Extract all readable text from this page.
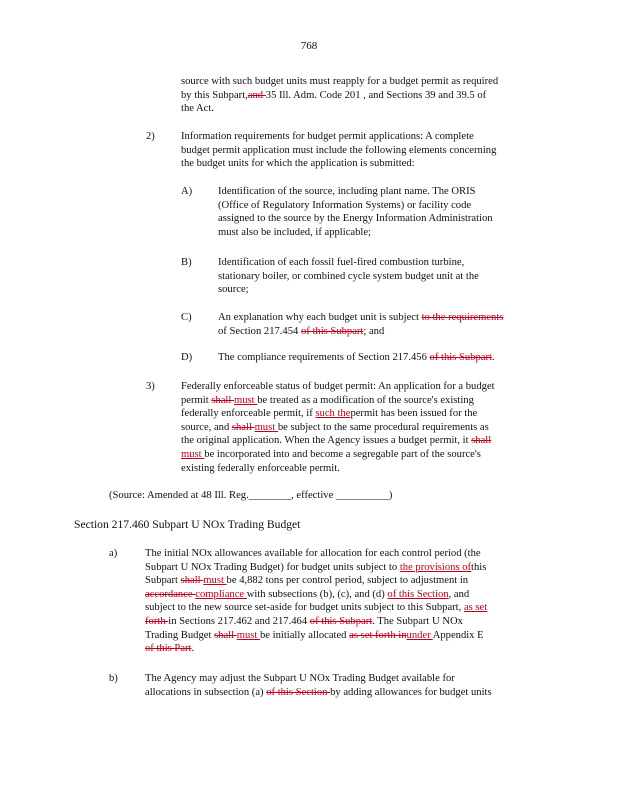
768
source with such budget units must reapply for a budget permit as required
by this Subpart,and 35 Ill. Adm. Code 201 , and Sections 39 and 39.5 of
the Act.
2) Information requirements for budget permit applications: A complete
budget permit application must include the following elements concerning
the budget units for which the application is submitted:
A) Identification of the source, including plant name. The ORIS
(Office of Regulatory Information Systems) or facility code
assigned to the source by the Energy Information Administration
must also be included, if applicable;
B) Identification of each fossil fuel-fired combustion turbine,
stationary boiler, or combined cycle system budget unit at the
source;
C) An explanation why each budget unit is subject to the requirements
of Section 217.454 of this Subpart; and
D) The compliance requirements of Section 217.456 of this Subpart.
3) Federally enforceable status of budget permit: An application for a budget
permit shall must be treated as a modification of the source's existing
federally enforceable permit, if such thepermit has been issued for the
source, and shall must be subject to the same procedural requirements as
the original application. When the Agency issues a budget permit, it shall
must be incorporated into and become a segregable part of the source's
existing federally enforceable permit.
(Source: Amended at 48 Ill. Reg.________, effective __________)
Section 217.460 Subpart U NOx Trading Budget
a)	The initial NOx allowances available for allocation for each control period (the
Subpart U NOx Trading Budget) for budget units subject to the provisions ofthis
Subpart shall must be 4,882 tons per control period, subject to adjustment in
accordance compliance with subsections (b), (c), and (d) of this Section, and
subject to the new source set-aside for budget units subject to this Subpart, as set
forth in Sections 217.462 and 217.464 of this Subpart. The Subpart U NOx
Trading Budget shall must be initially allocated as set forth inunder Appendix E
of this Part.
b)	The Agency may adjust the Subpart U NOx Trading Budget available for
allocations in subsection (a) of this Section by adding allowances for budget units
